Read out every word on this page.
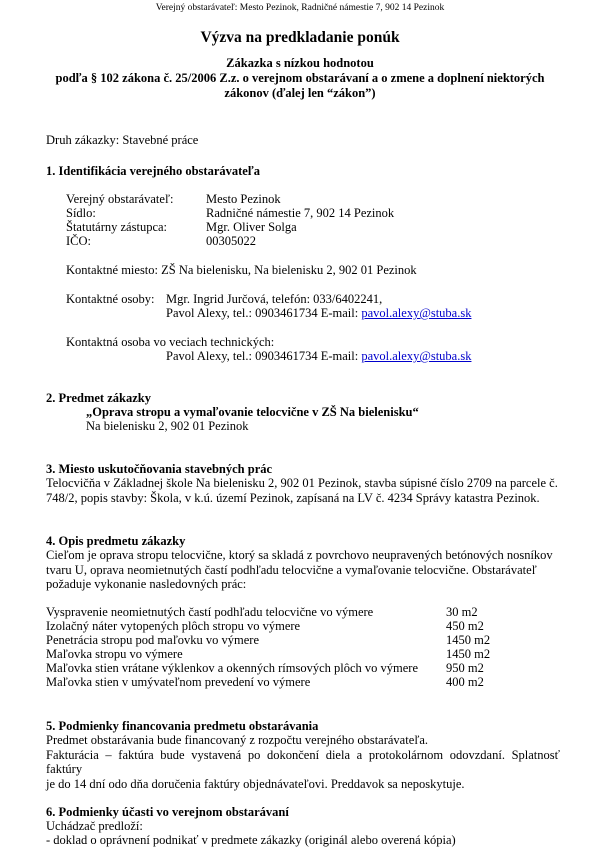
Verejný obstarávateľ: Mesto Pezinok, Radničné námestie 7, 902 14 Pezinok
Výzva na predkladanie ponúk
Zákazka s nízkou hodnotou
podľa § 102 zákona č. 25/2006 Z.z. o verejnom obstarávaní a o zmene a doplnení niektorých
zákonov (ďalej len “zákon”)
Druh zákazky: Stavebné práce
1. Identifikácia verejného obstarávateľa
Verejný obstarávateľ:	Mesto Pezinok
Sídlo:	Radničné námestie 7, 902 14 Pezinok
Štatutárny zástupca:	Mgr. Oliver Solga
IČO:	00305022
Kontaktné miesto: ZŠ Na bielenisku, Na bielenisku 2, 902 01 Pezinok
Kontaktné osoby: Mgr. Ingrid Jurčová, telefón: 033/6402241,
Pavol Alexy, tel.: 0903461734 E-mail: pavol.alexy@stuba.sk
Kontaktná osoba vo veciach technických:
Pavol Alexy, tel.: 0903461734 E-mail: pavol.alexy@stuba.sk
2. Predmet zákazky
„Oprava stropu a vymaľovanie telocvične v ZŠ Na bielenisku“
Na bielenisku 2, 902 01 Pezinok
3. Miesto uskutočňovania stavebných prác
Telocvičňa v Základnej škole Na bielenisku 2, 902 01 Pezinok, stavba súpisné číslo 2709 na parcele č.
748/2, popis stavby: Škola, v k.ú. území Pezinok, zapísaná na LV č. 4234 Správy katastra Pezinok.
4. Opis predmetu zákazky
Cieľom je oprava stropu telocvične, ktorý sa skladá z povrchovo neupravených betónových nosníkov
tvaru U, oprava neomietnutých častí podhľadu telocvične a vymaľovanie telocvične. Obstarávateľ
požaduje vykonanie nasledovných prác:
Vyspravenie neomietnutých častí podhľadu telocvične vo výmere	30 m2
Izolačný náter vytopených plôch stropu vo výmere	450 m2
Penetrácia stropu pod maľovku vo výmere	1450 m2
Maľovka stropu vo výmere	1450 m2
Maľovka stien vrátane výklenkov a okenných rímsových plôch vo výmere 950 m2
Maľovka stien v umývateľnom prevedení vo výmere	400 m2
5. Podmienky financovania predmetu obstarávania
Predmet obstarávania bude financovaný z rozpočtu verejného obstarávateľa.
Fakturácia – faktúra bude vystavená po dokončení diela a protokolárnom odovzdaní. Splatnosť faktúry
je do 14 dní odo dňa doručenia faktúry objednávateľovi. Preddavok sa neposkytuje.
6. Podmienky účasti vo verejnom obstarávaní
Uchádzač predloží:
- doklad o oprávnení podnikať v predmete zákazky (originál alebo overená kópia)
